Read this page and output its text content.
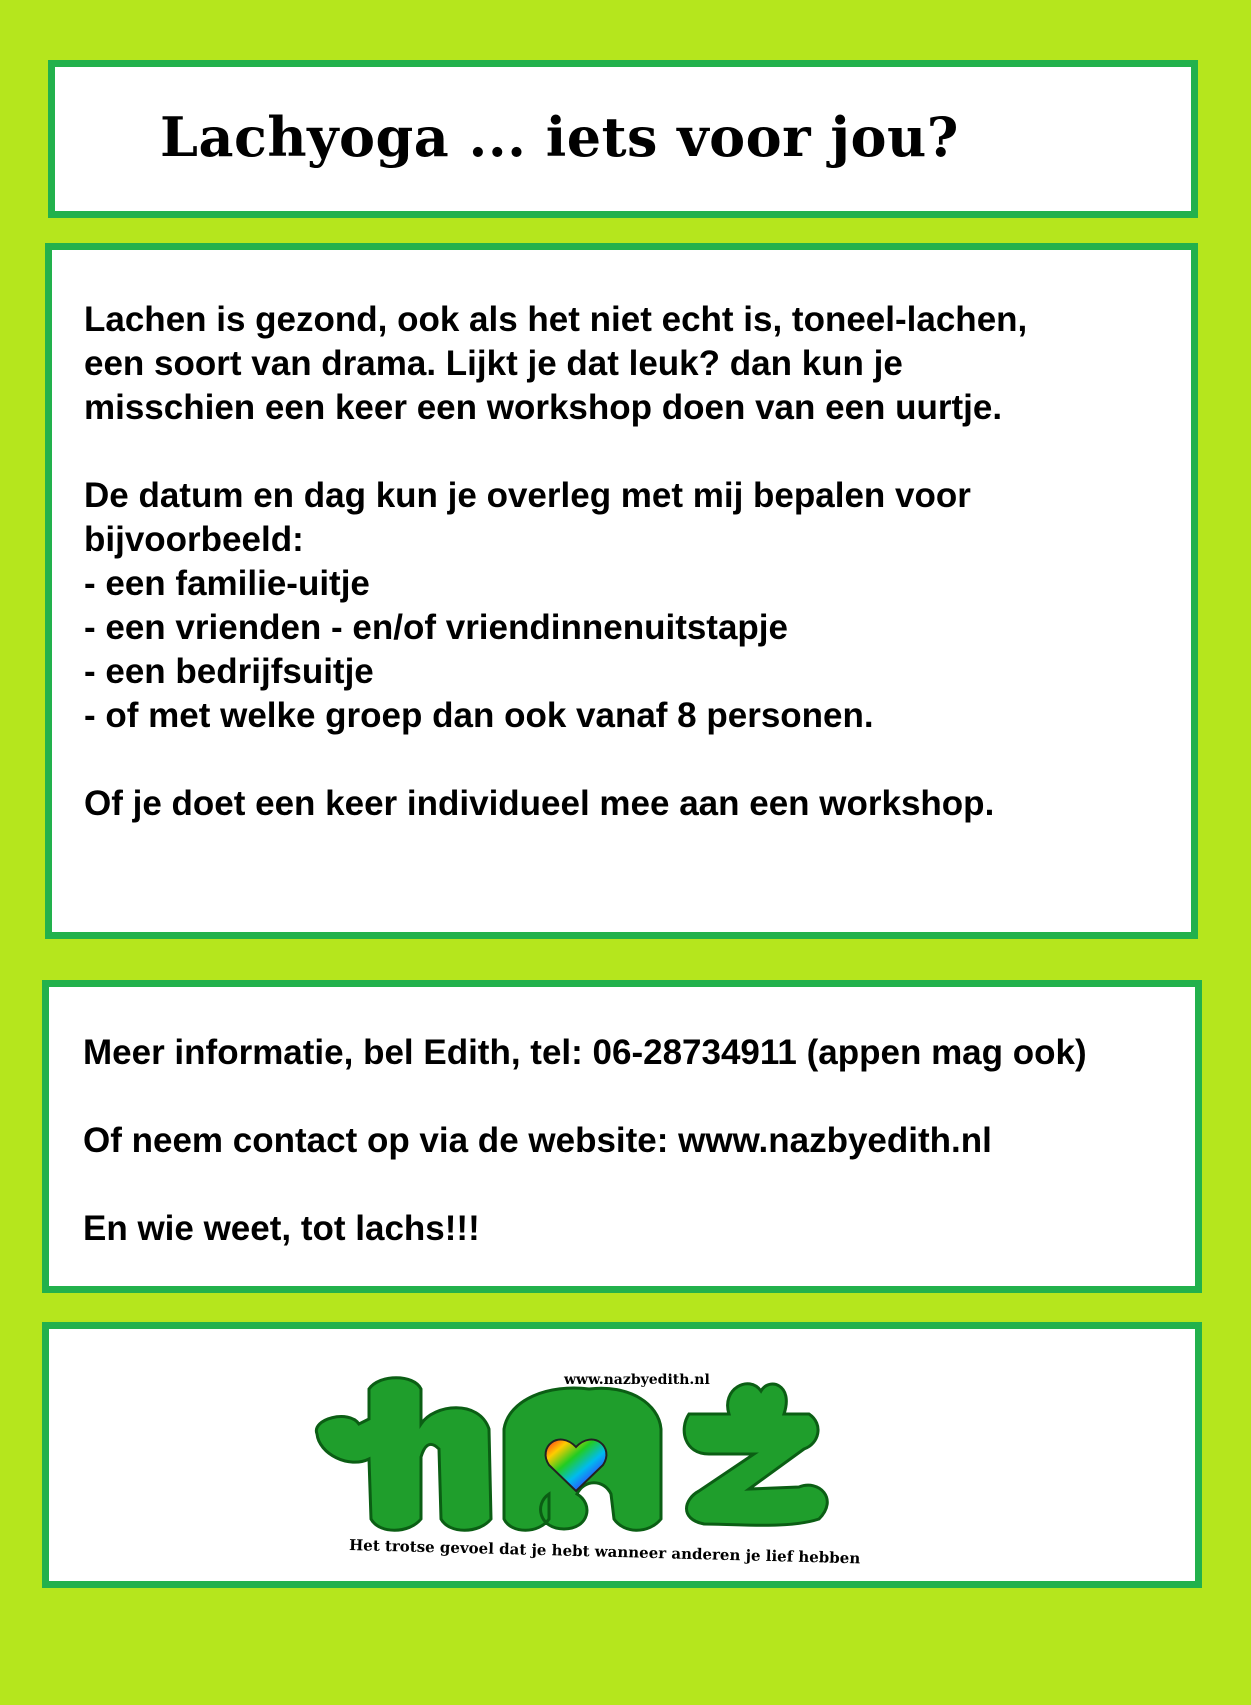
Lachyoga ... iets voor jou?
Lachen is gezond, ook als het niet echt is, toneel-lachen,
een soort van drama. Lijkt je dat leuk? dan kun je
misschien een keer een workshop doen van een uurtje.
De datum en dag kun je overleg met mij bepalen voor
bijvoorbeeld:
- een familie-uitje
- een vrienden - en/of vriendinnenuitstapje
- een bedrijfsuitje
- of met welke groep dan ook vanaf 8 personen.
Of je doet een keer individueel mee aan een workshop.
Meer informatie, bel Edith, tel: 06-28734911 (appen mag ook)
Of neem contact op via de website: www.nazbyedith.nl
En wie weet, tot lachs!!!
www.nazbyedith.nl
Het trotse gevoel dat je hebt wanneer anderen je lief hebben
